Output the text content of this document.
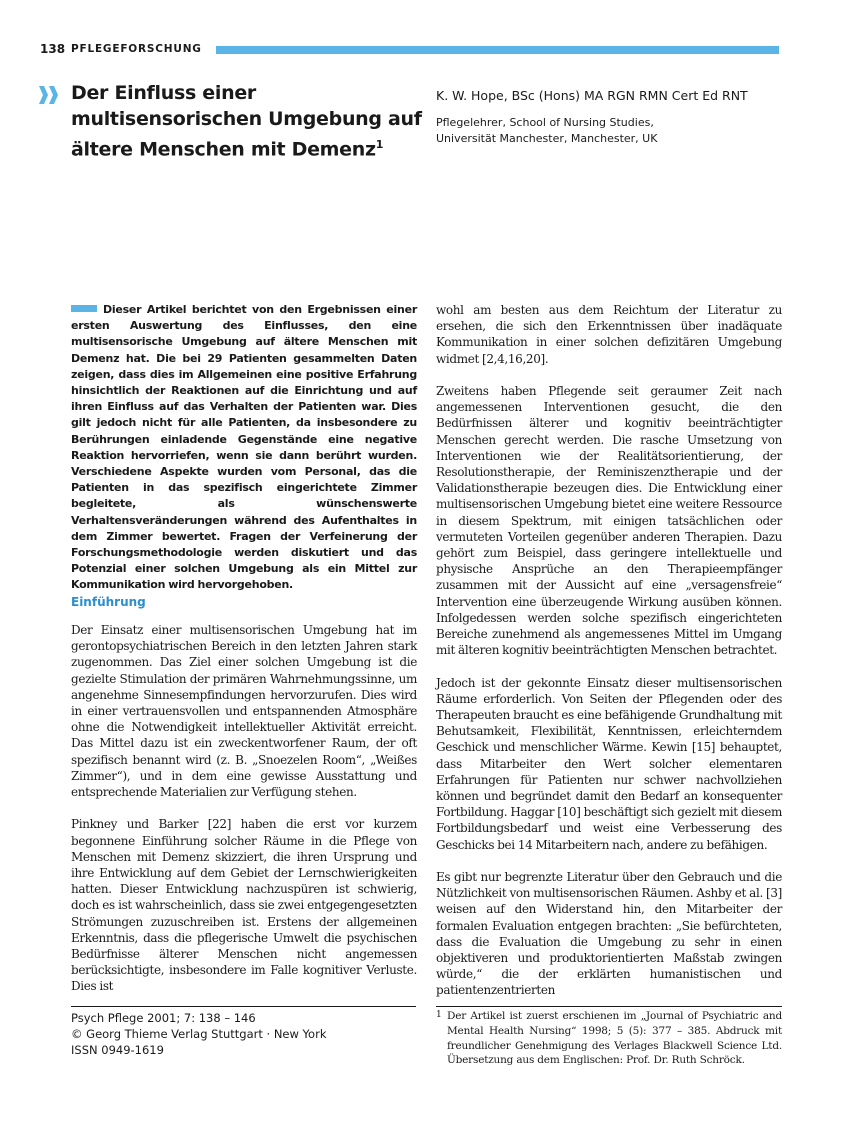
138 PFLEGEFORSCHUNG
Der Einfluss einer multisensorischen Umgebung auf ältere Menschen mit Demenz$^1$
K. W. Hope, BSc (Hons) MA RGN RMN Cert Ed RNT
Pflegelehrer, School of Nursing Studies,
Universität Manchester, Manchester, UK

Dieser Artikel berichtet von den Ergebnissen einer ersten Auswertung des Einflusses, den eine multisensorische Umgebung auf ältere Menschen mit Demenz hat. Die bei 29 Patienten gesammelten Daten zeigen, dass dies im Allgemeinen eine positive Erfahrung hinsichtlich der Reaktionen auf die Einrichtung und auf ihren Einfluss auf das Verhalten der Patienten war. Dies gilt jedoch nicht für alle Patienten, da insbesondere zu Berührungen einladende Gegenstände eine negative Reaktion hervorriefen, wenn sie dann berührt wurden. Verschiedene Aspekte wurden vom Personal, das die Patienten in das spezifisch eingerichtete Zimmer begleitete, als wünschenswerte Verhaltensveränderungen während des Aufenthaltes in dem Zimmer bewertet. Fragen der Verfeinerung der Forschungsmethodologie werden diskutiert und das Potenzial einer solchen Umgebung als ein Mittel zur Kommunikation wird hervorgehoben.

Einführung

Der Einsatz einer multisensorischen Umgebung hat im gerontopsychiatrischen Bereich in den letzten Jahren stark zugenommen. Das Ziel einer solchen Umgebung ist die gezielte Stimulation der primären Wahrnehmungssinne, um angenehme Sinnesempfindungen hervorzurufen. Dies wird in einer vertrauensvollen und entspannenden Atmosphäre ohne die Notwendigkeit intellektueller Aktivität erreicht. Das Mittel dazu ist ein zweckentworfener Raum, der oft spezifisch benannt wird (z. B. „Snoezelen Room“, „Weißes Zimmer“), und in dem eine gewisse Ausstattung und entsprechende Materialien zur Verfügung stehen.

Pinkney und Barker [22] haben die erst vor kurzem begonnene Einführung solcher Räume in die Pflege von Menschen mit Demenz skizziert, die ihren Ursprung und ihre Entwicklung auf dem Gebiet der Lernschwierigkeiten hatten. Dieser Entwicklung nachzuspüren ist schwierig, doch es ist wahrscheinlich, dass sie zwei entgegengesetzten Strömungen zuzuschreiben ist. Erstens der allgemeinen Erkenntnis, dass die pflegerische Umwelt die psychischen Bedürfnisse älterer Menschen nicht angemessen berücksichtigte, insbesondere im Falle kognitiver Verluste. Dies ist

wohl am besten aus dem Reichtum der Literatur zu ersehen, die sich den Erkenntnissen über inadäquate Kommunikation in einer solchen defizitären Umgebung widmet [2,4,16,20].

Zweitens haben Pflegende seit geraumer Zeit nach angemessenen Interventionen gesucht, die den Bedürfnissen älterer und kognitiv beeinträchtigter Menschen gerecht werden. Die rasche Umsetzung von Interventionen wie der Realitätsorientierung, der Resolutionstherapie, der Reminiszenztherapie und der Validationstherapie bezeugen dies. Die Entwicklung einer multisensorischen Umgebung bietet eine weitere Ressource in diesem Spektrum, mit einigen tatsächlichen oder vermuteten Vorteilen gegenüber anderen Therapien. Dazu gehört zum Beispiel, dass geringere intellektuelle und physische Ansprüche an den Therapieempfänger zusammen mit der Aussicht auf eine „versagensfreie“ Intervention eine überzeugende Wirkung ausüben können. Infolgedessen werden solche spezifisch eingerichteten Bereiche zunehmend als angemessenes Mittel im Umgang mit älteren kognitiv beeinträchtigten Menschen betrachtet.

Jedoch ist der gekonnte Einsatz dieser multisensorischen Räume erforderlich. Von Seiten der Pflegenden oder des Therapeuten braucht es eine befähigende Grundhaltung mit Behutsamkeit, Flexibilität, Kenntnissen, erleichterndem Geschick und menschlicher Wärme. Kewin [15] behauptet, dass Mitarbeiter den Wert solcher elementaren Erfahrungen für Patienten nur schwer nachvollziehen können und begründet damit den Bedarf an konsequenter Fortbildung. Haggar [10] beschäftigt sich gezielt mit diesem Fortbildungsbedarf und weist eine Verbesserung des Geschicks bei 14 Mitarbeitern nach, andere zu befähigen.

Es gibt nur begrenzte Literatur über den Gebrauch und die Nützlichkeit von multisensorischen Räumen. Ashby et al. [3] weisen auf den Widerstand hin, den Mitarbeiter der formalen Evaluation entgegen brachten: „Sie befürchteten, dass die Evaluation die Umgebung zu sehr in einen objektiveren und produktorientierten Maßstab zwingen würde,“ die der erklärten humanistischen und patientenzentrierten

Psych Pflege 2001; 7: 138 – 146
© Georg Thieme Verlag Stuttgart · New York
ISSN 0949-1619
1 Der Artikel ist zuerst erschienen im „Journal of Psychiatric and Mental Health Nursing“ 1998; 5 (5): 377 – 385. Abdruck mit freundlicher Genehmigung des Verlages Blackwell Science Ltd. Übersetzung aus dem Englischen: Prof. Dr. Ruth Schröck.
